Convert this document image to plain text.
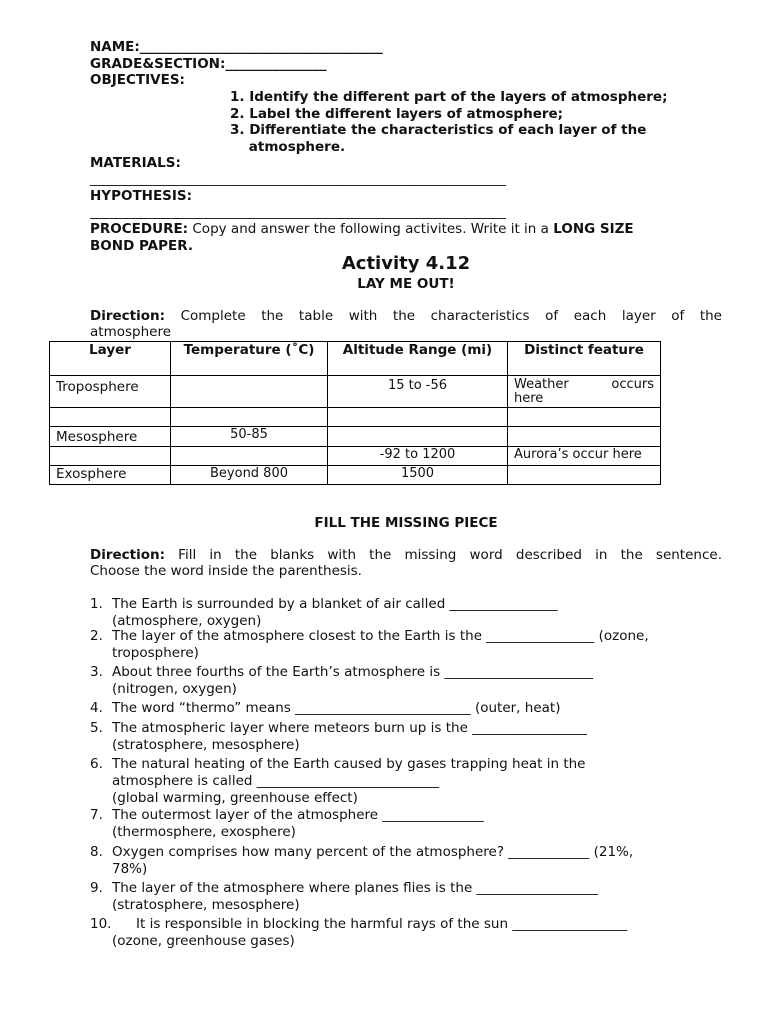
NAME:____________________________________
GRADE&SECTION:_______________
OBJECTIVES:
1. Identify the different part of the layers of atmosphere;
2. Label the different layers of atmosphere;
3. Differentiate the characteristics of each layer of the
atmosphere.
MATERIALS:
________________________________________________________________
HYPOTHESIS:
________________________________________________________________
PROCEDURE: Copy and answer the following activites. Write it in a LONG SIZE
BOND PAPER.
Activity 4.12
LAY ME OUT!
Direction: Complete the table with the characteristics of each layer of the
atmosphere
Layer	Temperature (˚C)	Altitude Range (mi)	Distinct feature
Troposphere		15 to -56	Weather occurs
here

Mesosphere	50-85		
		-92 to 1200	Aurora’s occur here
Exosphere	Beyond 800	1500	
FILL THE MISSING PIECE
Direction: Fill in the blanks with the missing word described in the sentence.
Choose the word inside the parenthesis.
1. The Earth is surrounded by a blanket of air called ________________
(atmosphere, oxygen)
2. The layer of the atmosphere closest to the Earth is the ________________ (ozone,
troposphere)
3. About three fourths of the Earth’s atmosphere is ______________________
(nitrogen, oxygen)
4. The word “thermo” means __________________________ (outer, heat)
5. The atmospheric layer where meteors burn up is the _________________
(stratosphere, mesosphere)
6. The natural heating of the Earth caused by gases trapping heat in the
atmosphere is called ___________________________
(global warming, greenhouse effect)
7. The outermost layer of the atmosphere _______________
(thermosphere, exosphere)
8. Oxygen comprises how many percent of the atmosphere? ____________ (21%,
78%)
9. The layer of the atmosphere where planes flies is the __________________
(stratosphere, mesosphere)
10. It is responsible in blocking the harmful rays of the sun _________________
(ozone, greenhouse gases)
